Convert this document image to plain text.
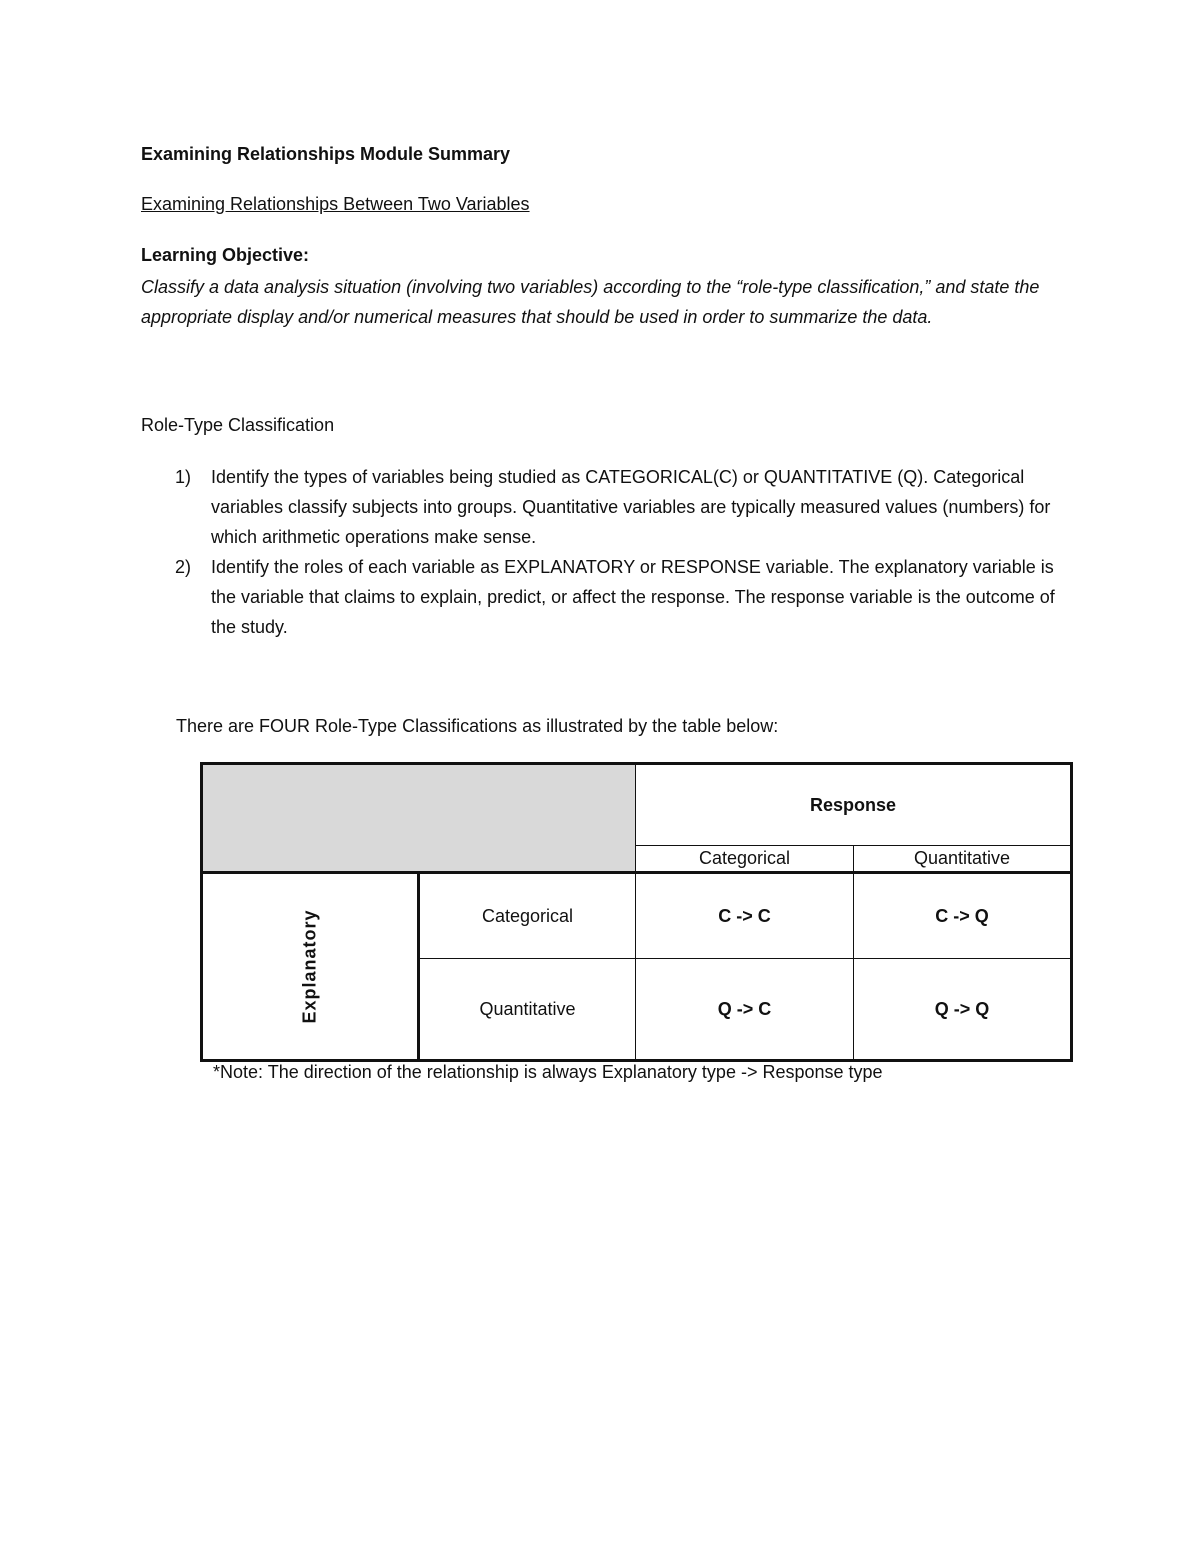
Examining Relationships Module Summary
Examining Relationships Between Two Variables
Learning Objective:
Classify a data analysis situation (involving two variables) according to the “role-type classification,” and state the appropriate display and/or numerical measures that should be used in order to summarize the data.
Role-Type Classification
1) Identify the types of variables being studied as CATEGORICAL(C) or QUANTITATIVE (Q). Categorical variables classify subjects into groups. Quantitative variables are typically measured values (numbers) for which arithmetic operations make sense.
2) Identify the roles of each variable as EXPLANATORY or RESPONSE variable. The explanatory variable is the variable that claims to explain, predict, or affect the response. The response variable is the outcome of the study.
There are FOUR Role-Type Classifications as illustrated by the table below:
		Response	
		Categorical	Quantitative
Explanatory	Categorical	C -> C	C -> Q
	Quantitative	Q -> C	Q -> Q
*Note: The direction of the relationship is always Explanatory type -> Response type
